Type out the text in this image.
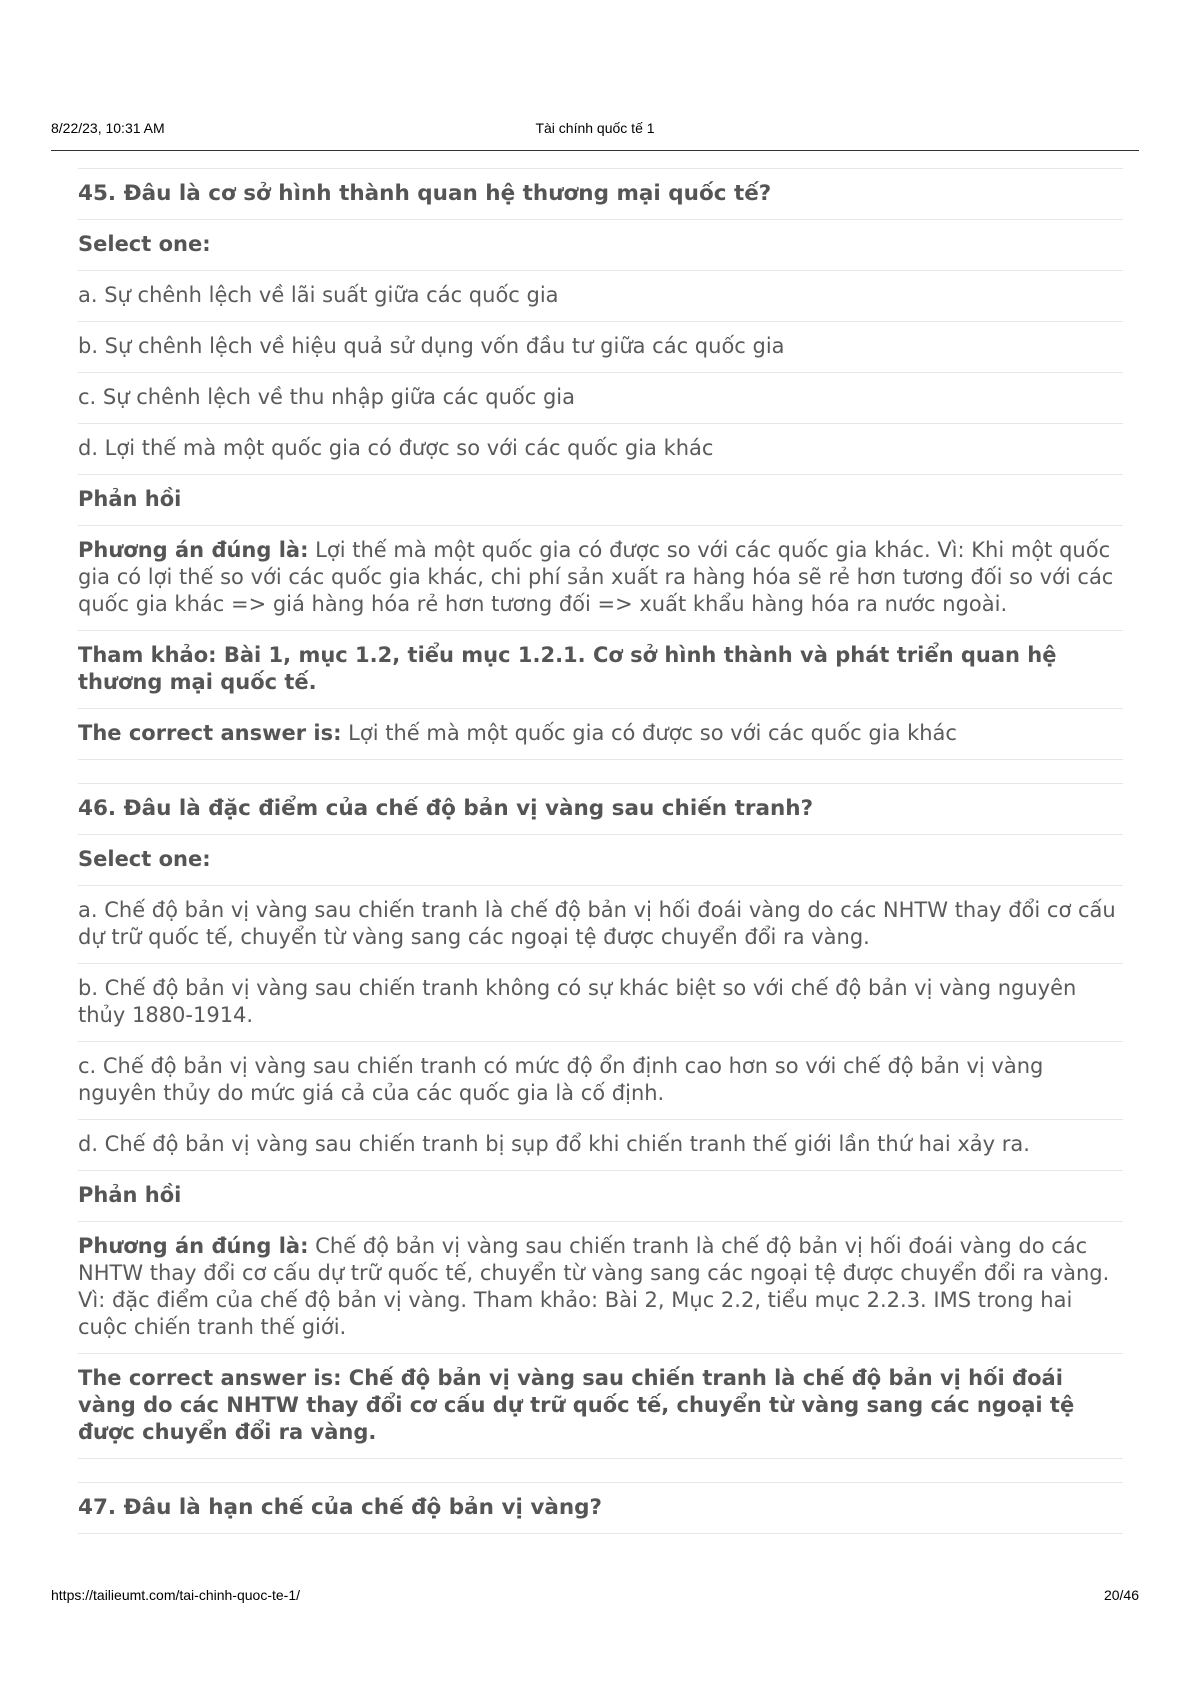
8/22/23, 10:31 AM	Tài chính quốc tế 1
45. Đâu là cơ sở hình thành quan hệ thương mại quốc tế?
Select one:
a. Sự chênh lệch về lãi suất giữa các quốc gia
b. Sự chênh lệch về hiệu quả sử dụng vốn đầu tư giữa các quốc gia
c. Sự chênh lệch về thu nhập giữa các quốc gia
d. Lợi thế mà một quốc gia có được so với các quốc gia khác
Phản hồi
Phương án đúng là: Lợi thế mà một quốc gia có được so với các quốc gia khác. Vì: Khi một quốc gia có lợi thế so với các quốc gia khác, chi phí sản xuất ra hàng hóa sẽ rẻ hơn tương đối so với các quốc gia khác => giá hàng hóa rẻ hơn tương đối => xuất khẩu hàng hóa ra nước ngoài.
Tham khảo: Bài 1, mục 1.2, tiểu mục 1.2.1. Cơ sở hình thành và phát triển quan hệ thương mại quốc tế.
The correct answer is: Lợi thế mà một quốc gia có được so với các quốc gia khác
46. Đâu là đặc điểm của chế độ bản vị vàng sau chiến tranh?
Select one:
a. Chế độ bản vị vàng sau chiến tranh là chế độ bản vị hối đoái vàng do các NHTW thay đổi cơ cấu dự trữ quốc tế, chuyển từ vàng sang các ngoại tệ được chuyển đổi ra vàng.
b. Chế độ bản vị vàng sau chiến tranh không có sự khác biệt so với chế độ bản vị vàng nguyên thủy 1880-1914.
c. Chế độ bản vị vàng sau chiến tranh có mức độ ổn định cao hơn so với chế độ bản vị vàng nguyên thủy do mức giá cả của các quốc gia là cố định.
d. Chế độ bản vị vàng sau chiến tranh bị sụp đổ khi chiến tranh thế giới lần thứ hai xảy ra.
Phản hồi
Phương án đúng là: Chế độ bản vị vàng sau chiến tranh là chế độ bản vị hối đoái vàng do các NHTW thay đổi cơ cấu dự trữ quốc tế, chuyển từ vàng sang các ngoại tệ được chuyển đổi ra vàng. Vì: đặc điểm của chế độ bản vị vàng. Tham khảo: Bài 2, Mục 2.2, tiểu mục 2.2.3. IMS trong hai cuộc chiến tranh thế giới.
The correct answer is: Chế độ bản vị vàng sau chiến tranh là chế độ bản vị hối đoái vàng do các NHTW thay đổi cơ cấu dự trữ quốc tế, chuyển từ vàng sang các ngoại tệ được chuyển đổi ra vàng.
47. Đâu là hạn chế của chế độ bản vị vàng?
https://tailieumt.com/tai-chinh-quoc-te-1/	20/46
